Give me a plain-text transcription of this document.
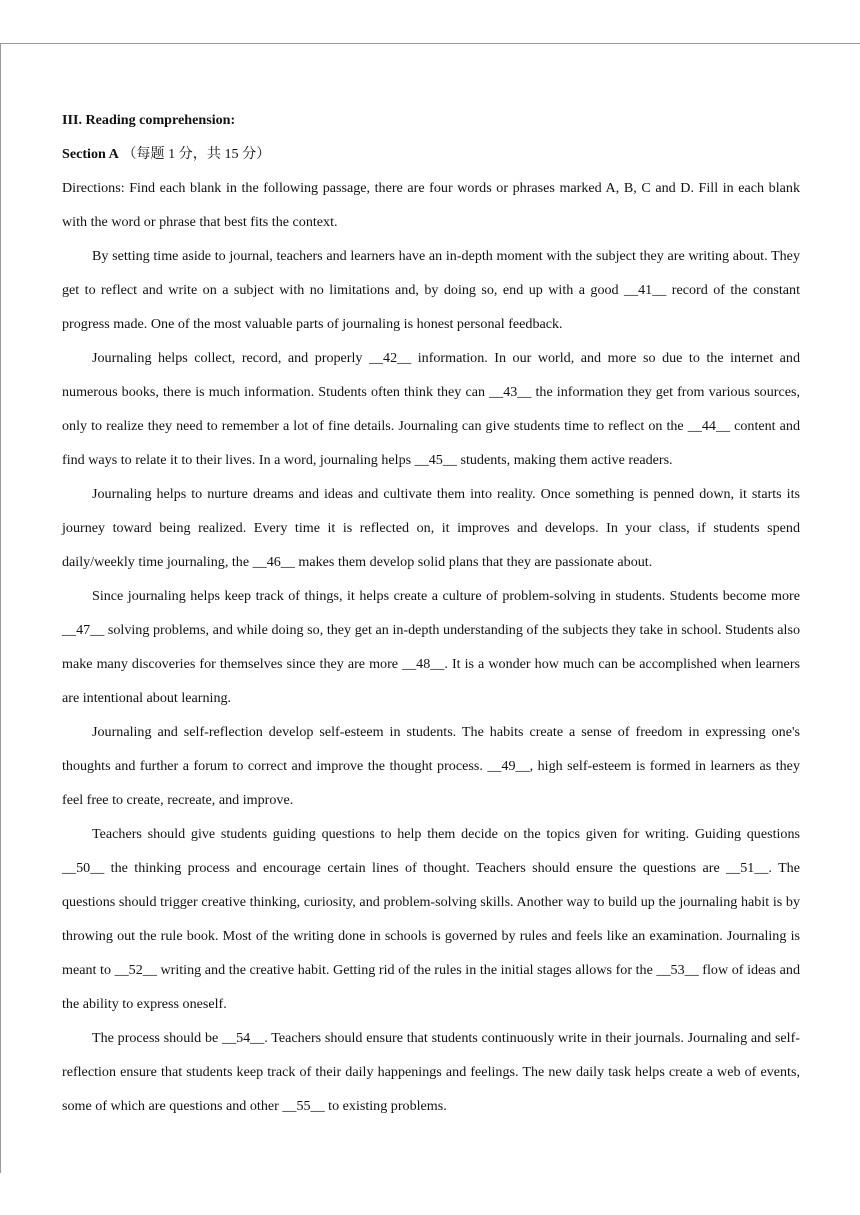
III. Reading comprehension:

Section A （每题 1 分，共 15 分）

Directions: Find each blank in the following passage, there are four words or phrases marked A, B, C and D. Fill in each blank with the word or phrase that best fits the context.

By setting time aside to journal, teachers and learners have an in-depth moment with the subject they are writing about. They get to reflect and write on a subject with no limitations and, by doing so, end up with a good __41__ record of the constant progress made. One of the most valuable parts of journaling is honest personal feedback.

Journaling helps collect, record, and properly __42__ information. In our world, and more so due to the internet and numerous books, there is much information. Students often think they can __43__ the information they get from various sources, only to realize they need to remember a lot of fine details. Journaling can give students time to reflect on the __44__ content and find ways to relate it to their lives. In a word, journaling helps __45__ students, making them active readers.

Journaling helps to nurture dreams and ideas and cultivate them into reality. Once something is penned down, it starts its journey toward being realized. Every time it is reflected on, it improves and develops. In your class, if students spend daily/weekly time journaling, the __46__ makes them develop solid plans that they are passionate about.

Since journaling helps keep track of things, it helps create a culture of problem-solving in students. Students become more __47__ solving problems, and while doing so, they get an in-depth understanding of the subjects they take in school. Students also make many discoveries for themselves since they are more __48__. It is a wonder how much can be accomplished when learners are intentional about learning.

Journaling and self-reflection develop self-esteem in students. The habits create a sense of freedom in expressing one's thoughts and further a forum to correct and improve the thought process. __49__, high self-esteem is formed in learners as they feel free to create, recreate, and improve.

Teachers should give students guiding questions to help them decide on the topics given for writing. Guiding questions __50__ the thinking process and encourage certain lines of thought. Teachers should ensure the questions are __51__. The questions should trigger creative thinking, curiosity, and problem-solving skills. Another way to build up the journaling habit is by throwing out the rule book. Most of the writing done in schools is governed by rules and feels like an examination. Journaling is meant to __52__ writing and the creative habit. Getting rid of the rules in the initial stages allows for the __53__ flow of ideas and the ability to express oneself.

The process should be __54__. Teachers should ensure that students continuously write in their journals. Journaling and self-reflection ensure that students keep track of their daily happenings and feelings. The new daily task helps create a web of events, some of which are questions and other __55__ to existing problems.
